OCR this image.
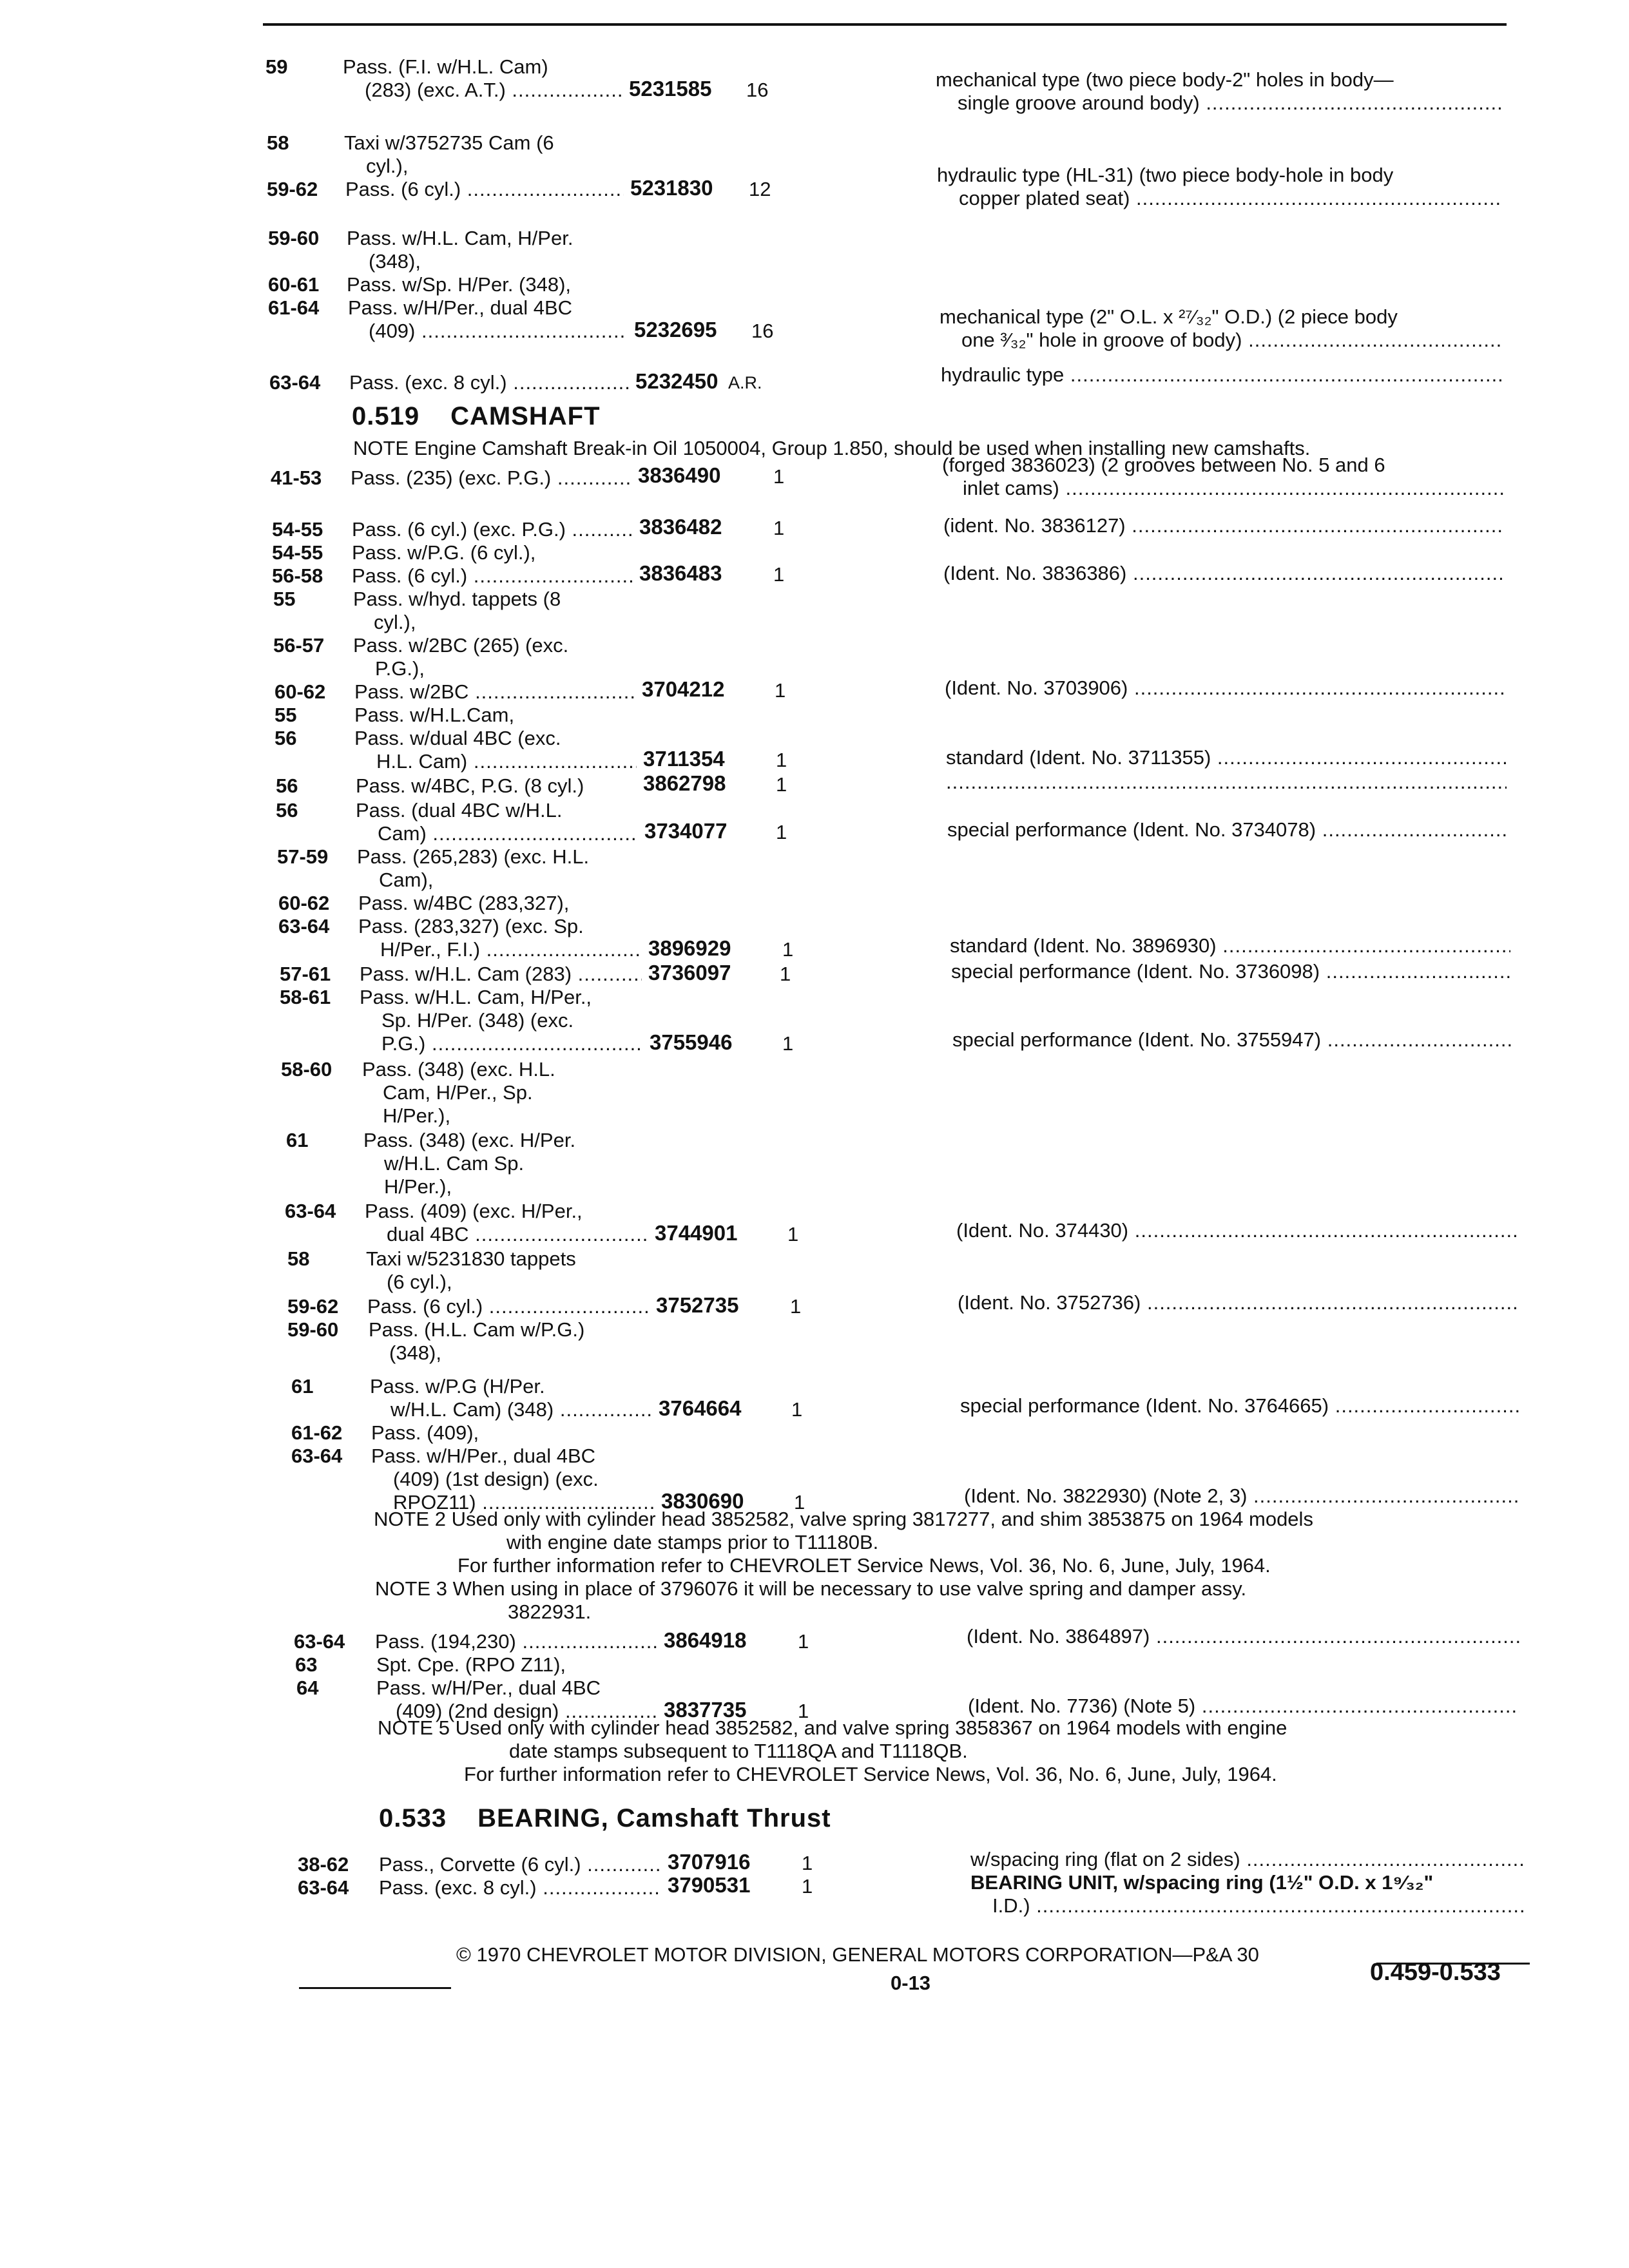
59	Pass. (F.I. w/H.L. Cam)
(283) (exc. A.T.) .....	5231585 16	mechanical type (two piece body-2" holes in body—
single groove around body) .....
58	Taxi w/3752735 Cam (6
cyl.),
59-62 Pass. (6 cyl.) .....	5231830 12
hydraulic type (HL-31) (two piece body-hole in body
copper plated seat) .....
59-60 Pass. w/H.L. Cam, H/Per.
(348),
60-61 Pass. w/Sp. H/Per. (348),
61-64 Pass. w/H/Per., dual 4BC
(409) .....	5232695 16
mechanical type (2" O.L. x ²⁷⁄₃₂" O.D.) (2 piece body
one ³⁄₃₂" hole in groove of body) .....
63-64 Pass. (exc. 8 cyl.) .....	5232450 A.R.	hydraulic type .....
0.519 CAMSHAFT
NOTE Engine Camshaft Break-in Oil 1050004, Group 1.850, should be used when installing new camshafts.
41-53 Pass. (235) (exc. P.G.) .....	3836490	1
(forged 3836023) (2 grooves between No. 5 and 6
inlet cams) .....
54-55 Pass. (6 cyl.) (exc. P.G.) .....	3836482	1	(ident. No. 3836127) .....
54-55 Pass. w/P.G. (6 cyl.),
56-58 Pass. (6 cyl.) .....	3836483	1	(Ident. No. 3836386) .....
55	Pass. w/hyd. tappets (8
cyl.),
56-57 Pass. w/2BC (265) (exc.
P.G.),
60-62 Pass. w/2BC .....	3704212	1	(Ident. No. 3703906) .....
55	Pass. w/H.L.Cam,
56	Pass. w/dual 4BC (exc.
H.L. Cam) .....	3711354	1	standard (Ident. No. 3711355) .....
56	Pass. w/4BC, P.G. (8 cyl.)	3862798	1
.....
56	Pass. (dual 4BC w/H.L.
Cam) .....	3734077 1	special performance (Ident. No. 3734078) .....
57-59 Pass. (265,283) (exc. H.L.
Cam),
60-62 Pass. w/4BC (283,327),
63-64 Pass. (283,327) (exc. Sp.
H/Per., F.I.) .....	3896929	1	standard (Ident. No. 3896930) .....
57-61 Pass. w/H.L. Cam (283) .....	3736097 1	special performance (Ident. No. 3736098) .....
58-61 Pass. w/H.L. Cam, H/Per.,
Sp. H/Per. (348) (exc.
P.G.) .....	3755946	1	special performance (Ident. No. 3755947) .....
58-60 Pass. (348) (exc. H.L.
Cam, H/Per., Sp.
H/Per.),
61	Pass. (348) (exc. H/Per.
w/H.L. Cam Sp.
H/Per.),
63-64 Pass. (409) (exc. H/Per.,
dual 4BC .....	3744901	1	(Ident. No. 374430) .....
58	Taxi w/5231830 tappets
(6 cyl.),
59-62 Pass. (6 cyl.) .....	3752735	1	(Ident. No. 3752736) .....
59-60 Pass. (H.L. Cam w/P.G.)
(348),
61	Pass. w/P.G (H/Per.
w/H.L. Cam) (348) .....	3764664	1	special performance (Ident. No. 3764665) .....
61-62 Pass. (409),
63-64 Pass. w/H/Per., dual 4BC
(409) (1st design) (exc.
RPOZ11) .....	3830690	1	(Ident. No. 3822930) (Note 2, 3) .....
NOTE 2 Used only with cylinder head 3852582, valve spring 3817277, and shim 3853875 on 1964 models
with engine date stamps prior to T11180B.
For further information refer to CHEVROLET Service News, Vol. 36, No. 6, June, July, 1964.
NOTE 3 When using in place of 3796076 it will be necessary to use valve spring and damper assy.
3822931.
63-64 Pass. (194,230) .....	3864918	1	(Ident. No. 3864897) .....
63	Spt. Cpe. (RPO Z11),
64	Pass. w/H/Per., dual 4BC
(409) (2nd design) .....	3837735	1	(Ident. No. 7736) (Note 5) .....
NOTE 5 Used only with cylinder head 3852582, and valve spring 3858367 on 1964 models with engine
date stamps subsequent to T1118QA and T1118QB.
For further information refer to CHEVROLET Service News, Vol. 36, No. 6, June, July, 1964.
0.533 BEARING, Camshaft Thrust
38-62 Pass., Corvette (6 cyl.) .....	3707916	1	w/spacing ring (flat on 2 sides) .....
63-64 Pass. (exc. 8 cyl.) .....	3790531	1	BEARING UNIT, w/spacing ring (1½" O.D. x 1⁹⁄₃₂"
I.D.) .....
© 1970 CHEVROLET MOTOR DIVISION, GENERAL MOTORS CORPORATION—P&A 30
0-13	0.459-0.533
